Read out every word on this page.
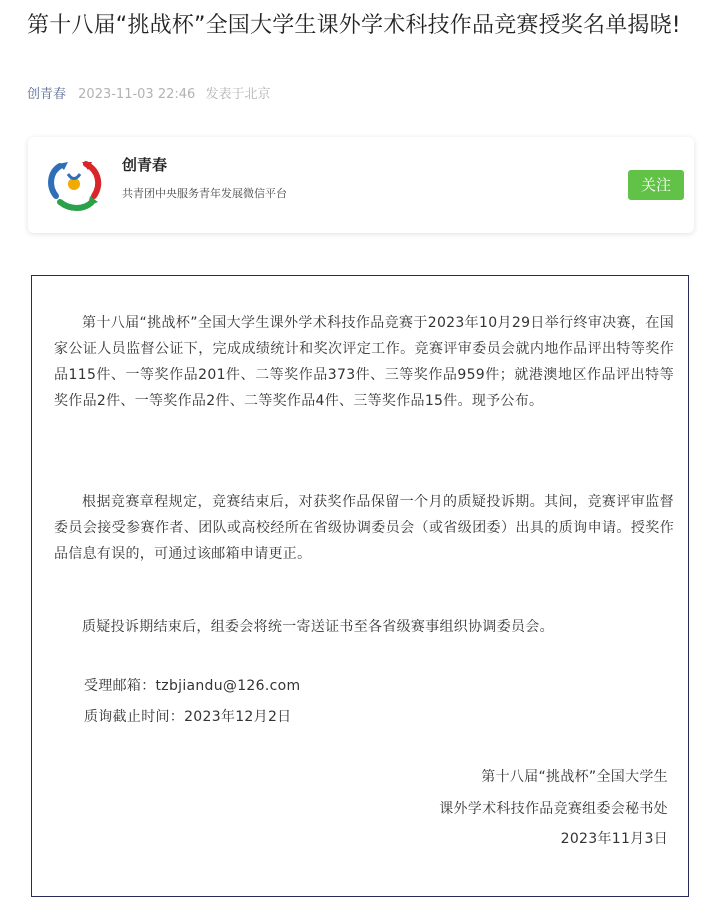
第十八届“挑战杯”全国大学生课外学术科技作品竞赛授奖名单揭晓!
创青春 2023-11-03 22:46 发表于北京
创青春
共青团中央服务青年发展微信平台	关注
第十八届“挑战杯”全国大学生课外学术科技作品竞赛于2023年10月29日举行终审决赛，在国家公证人员监督公证下，完成成绩统计和奖次评定工作。竞赛评审委员会就内地作品评出特等奖作品115件、一等奖作品201件、二等奖作品373件、三等奖作品959件；就港澳地区作品评出特等奖作品2件、一等奖作品2件、二等奖作品4件、三等奖作品15件。现予公布。
根据竞赛章程规定，竞赛结束后，对获奖作品保留一个月的质疑投诉期。其间，竞赛评审监督委员会接受参赛作者、团队或高校经所在省级协调委员会（或省级团委）出具的质询申请。授奖作品信息有误的，可通过该邮箱申请更正。
质疑投诉期结束后，组委会将统一寄送证书至各省级赛事组织协调委员会。
受理邮箱：tzbjiandu@126.com
质询截止时间：2023年12月2日
第十八届“挑战杯”全国大学生
课外学术科技作品竞赛组委会秘书处
2023年11月3日
